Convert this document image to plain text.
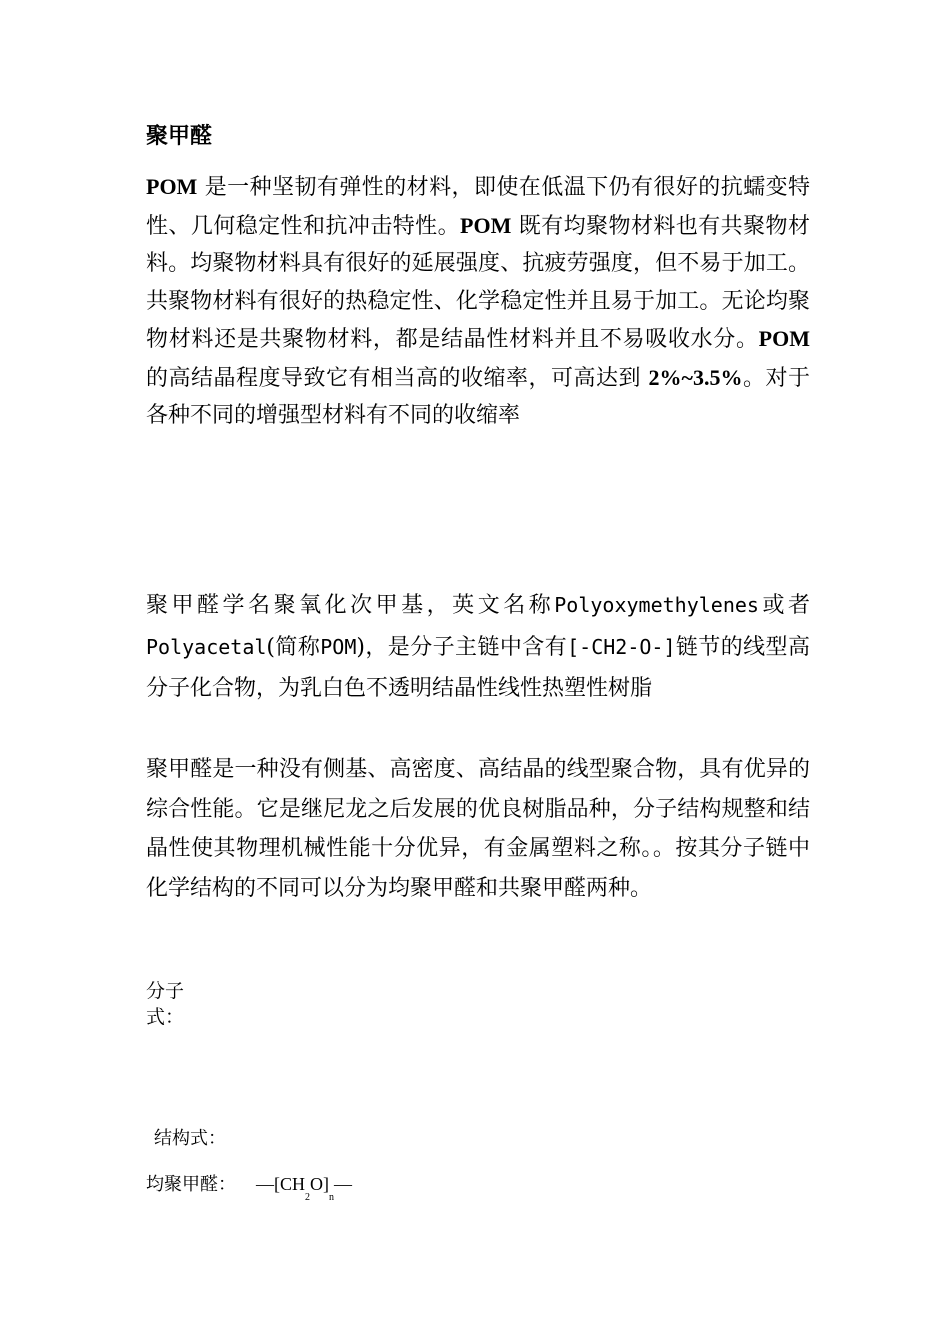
聚甲醛

POM 是一种坚韧有弹性的材料，即使在低温下仍有很好的抗蠕变特性、几何稳定性和抗冲击特性。POM 既有均聚物材料也有共聚物材料。均聚物材料具有很好的延展强度、抗疲劳强度，但不易于加工。共聚物材料有很好的热稳定性、化学稳定性并且易于加工。无论均聚物材料还是共聚物材料，都是结晶性材料并且不易吸收水分。POM的高结晶程度导致它有相当高的收缩率，可高达到 2%~3.5%。对于各种不同的增强型材料有不同的收缩率

聚甲醛学名聚氧化次甲基，英文名称Polyoxymethylenes或者Polyacetal(简称POM)，是分子主链中含有[-CH2-O-]链节的线型高分子化合物，为乳白色不透明结晶性线性热塑性树脂

聚甲醛是一种没有侧基、高密度、高结晶的线型聚合物，具有优异的综合性能。它是继尼龙之后发展的优良树脂品种，分子结构规整和结晶性使其物理机械性能十分优异，有金属塑料之称。。按其分子链中化学结构的不同可以分为均聚甲醛和共聚甲醛两种。

分子式：

结构式：

均聚甲醛： $—[CH_2O]_n—$
